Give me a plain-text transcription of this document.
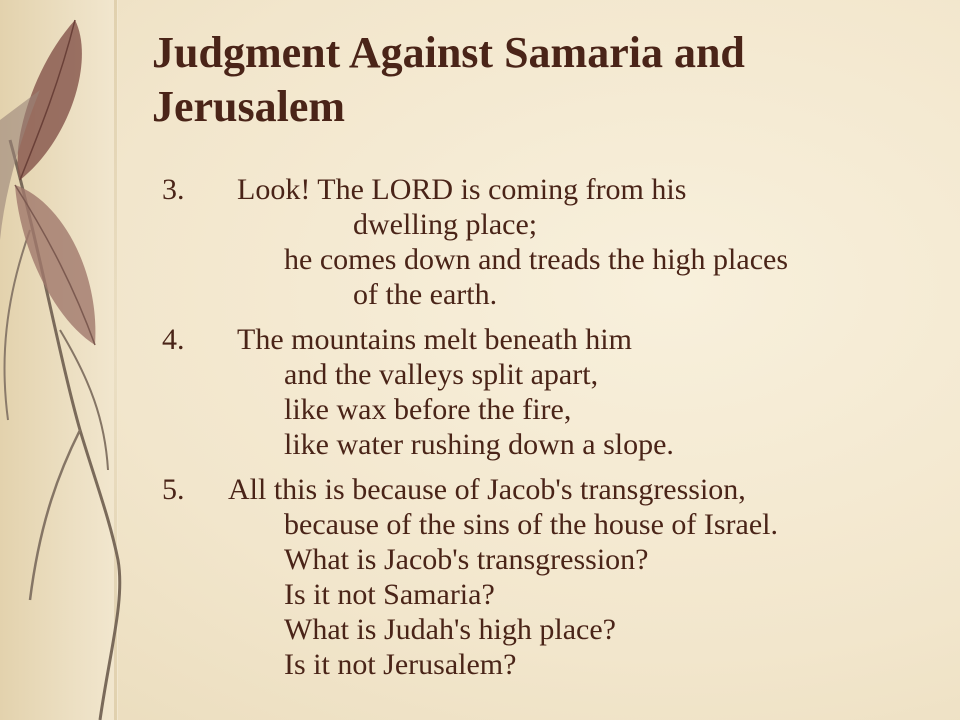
Judgment Against Samaria and Jerusalem
3. Look! The LORD is coming from his
dwelling place;
he comes down and treads the high places
of the earth.
4. The mountains melt beneath him
and the valleys split apart,
like wax before the fire,
like water rushing down a slope.
5. All this is because of Jacob's transgression,
because of the sins of the house of Israel.
What is Jacob's transgression?
Is it not Samaria?
What is Judah's high place?
Is it not Jerusalem?
